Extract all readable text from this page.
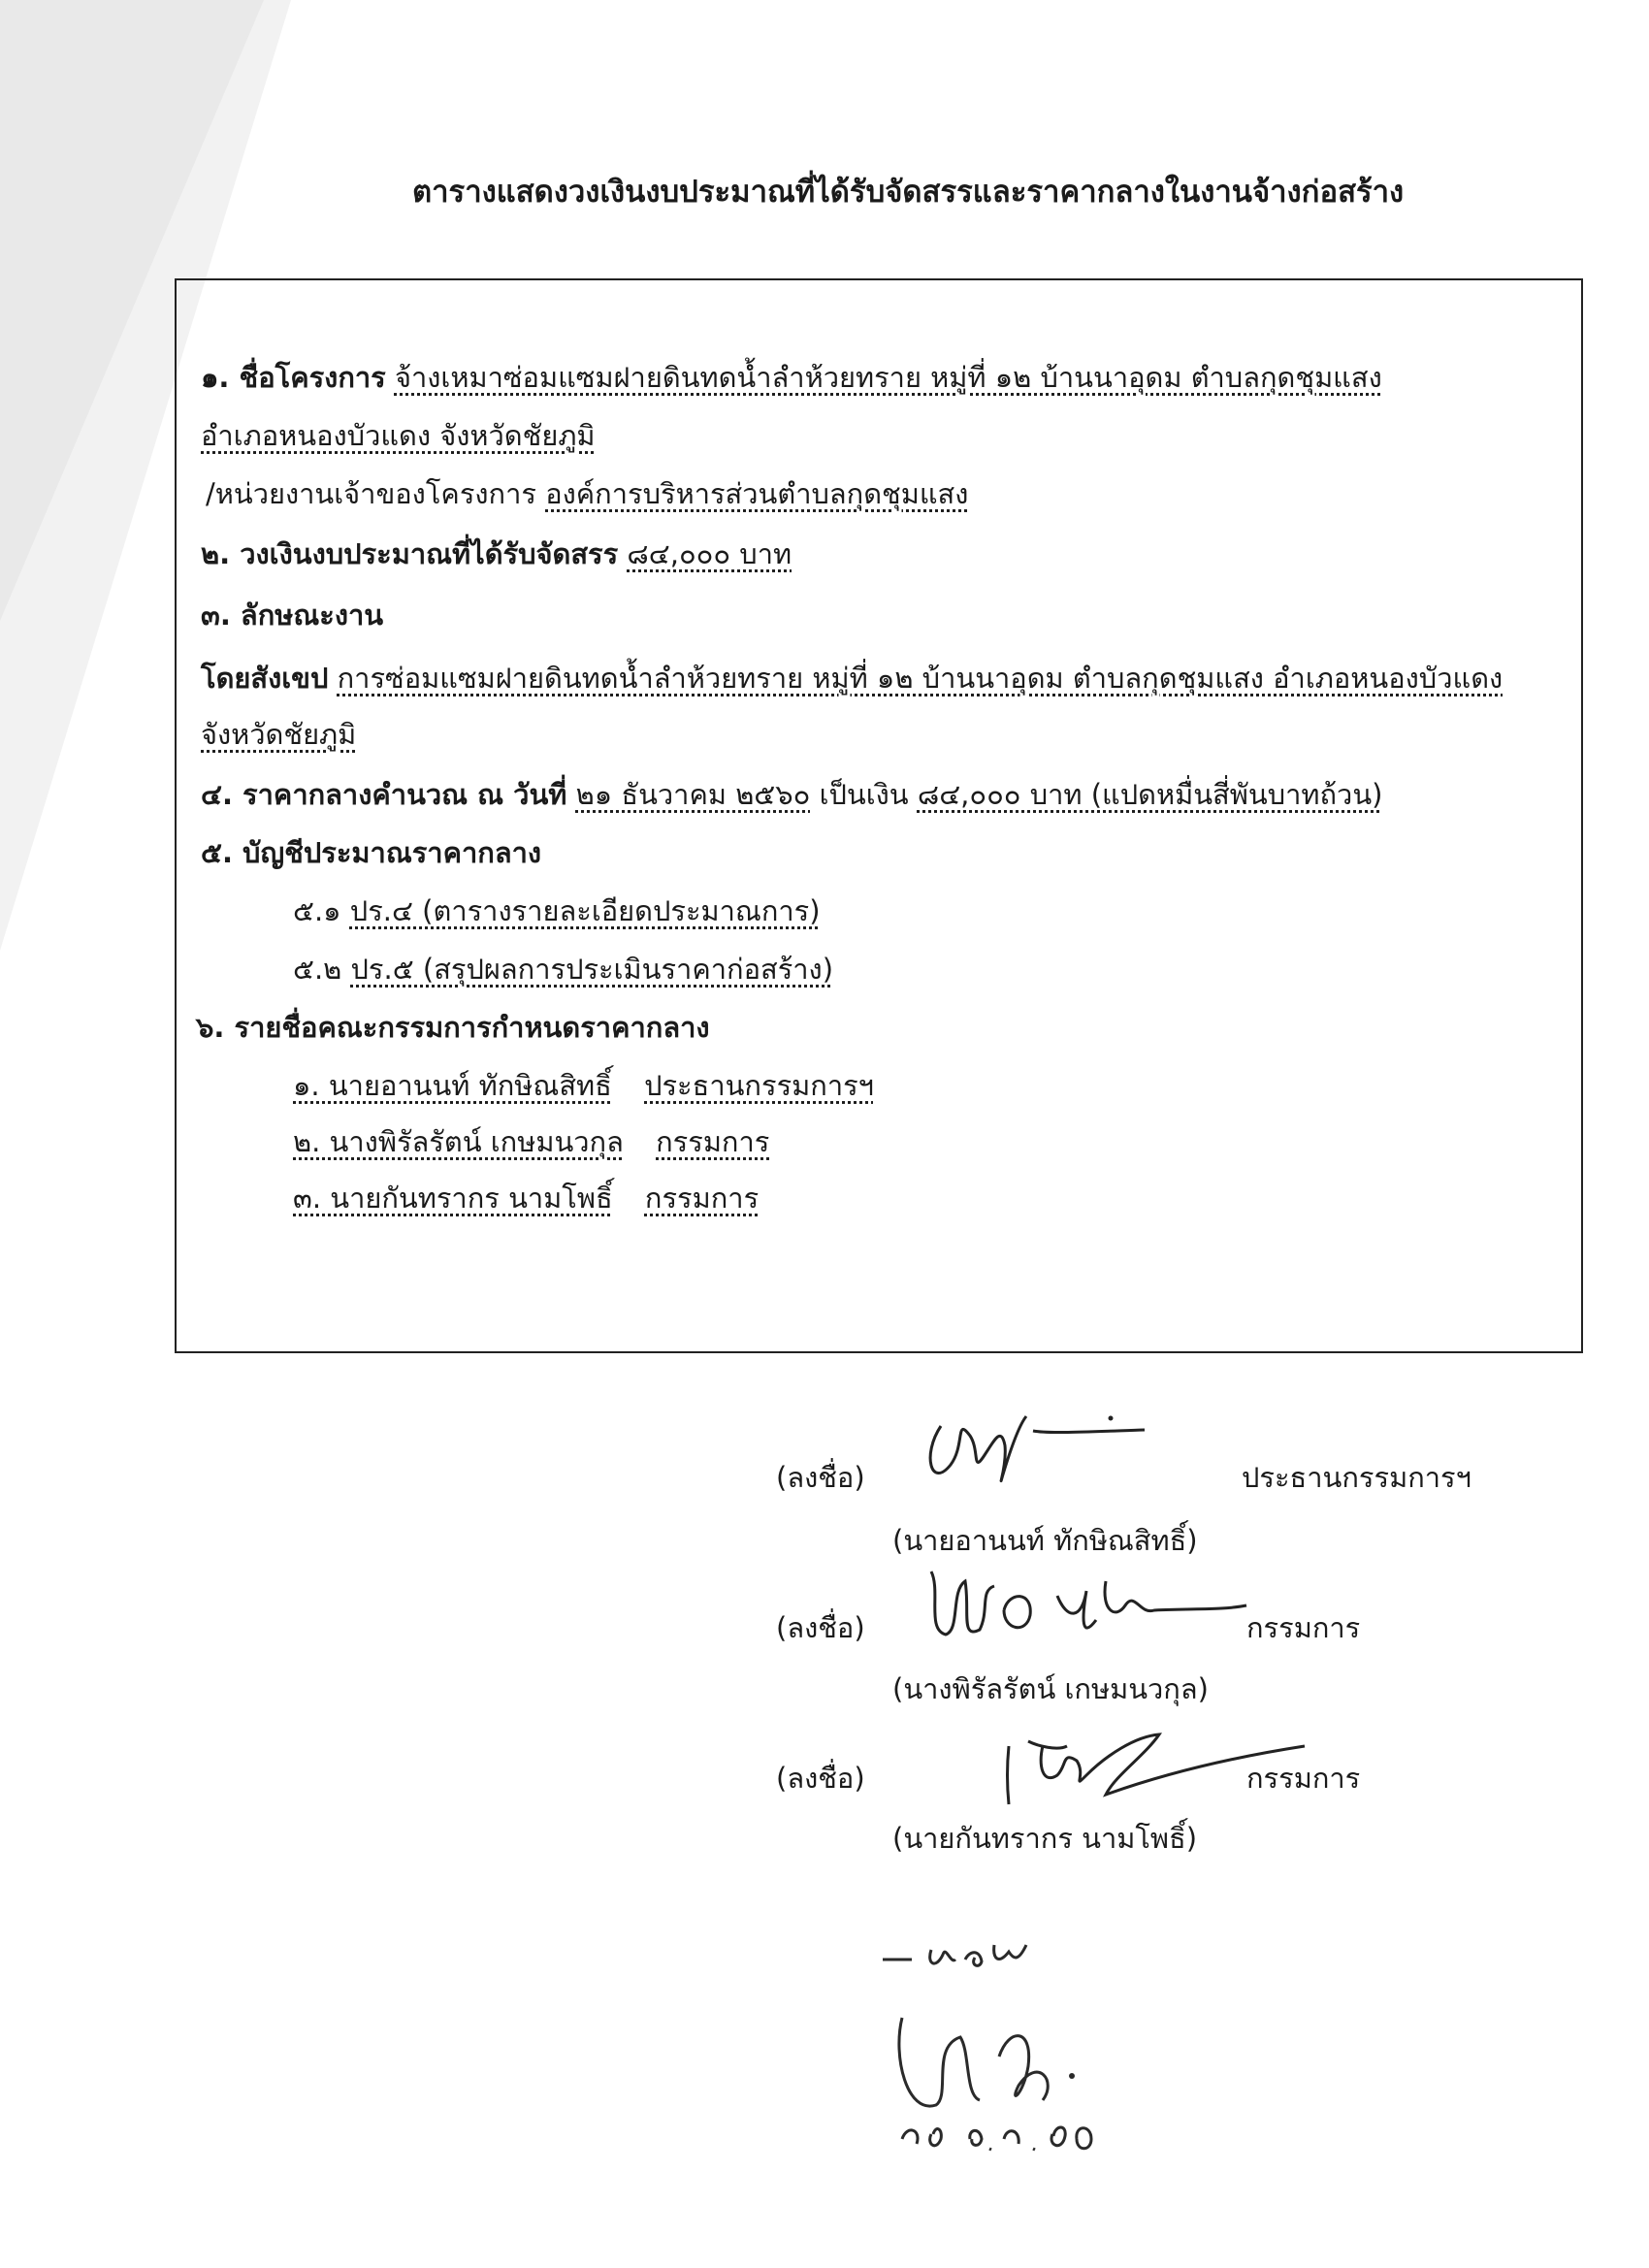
ตารางแสดงวงเงินงบประมาณที่ได้รับจัดสรรและราคากลางในงานจ้างก่อสร้าง
๑. ชื่อโครงการ จ้างเหมาซ่อมแซมฝายดินทดน้ำลำห้วยทราย หมู่ที่ ๑๒ บ้านนาอุดม ตำบลกุดชุมแสง
อำเภอหนองบัวแดง จังหวัดชัยภูมิ
/หน่วยงานเจ้าของโครงการ องค์การบริหารส่วนตำบลกุดชุมแสง
๒. วงเงินงบประมาณที่ได้รับจัดสรร ๘๔,๐๐๐ บาท
๓. ลักษณะงาน
โดยสังเขป การซ่อมแซมฝายดินทดน้ำลำห้วยทราย หมู่ที่ ๑๒ บ้านนาอุดม ตำบลกุดชุมแสง อำเภอหนองบัวแดง
จังหวัดชัยภูมิ
๔. ราคากลางคำนวณ ณ วันที่ ๒๑ ธันวาคม ๒๕๖๐ เป็นเงิน ๘๔,๐๐๐ บาท (แปดหมื่นสี่พันบาทถ้วน)
๕. บัญชีประมาณราคากลาง
๕.๑ ปร.๔ (ตารางรายละเอียดประมาณการ)
๕.๒ ปร.๕ (สรุปผลการประเมินราคาก่อสร้าง)
๖. รายชื่อคณะกรรมการกำหนดราคากลาง
๑. นายอานนท์ ทักษิณสิทธิ์ ประธานกรรมการฯ
๒. นางพิรัลรัตน์ เกษมนวกุล กรรมการ
๓. นายกันทรากร นามโพธิ์ กรรมการ
(ลงชื่อ)	ประธานกรรมการฯ
(นายอานนท์ ทักษิณสิทธิ์)
(ลงชื่อ)	กรรมการ
(นางพิรัลรัตน์ เกษมนวกุล)
(ลงชื่อ)	กรรมการ
(นายกันทรากร นามโพธิ์)
